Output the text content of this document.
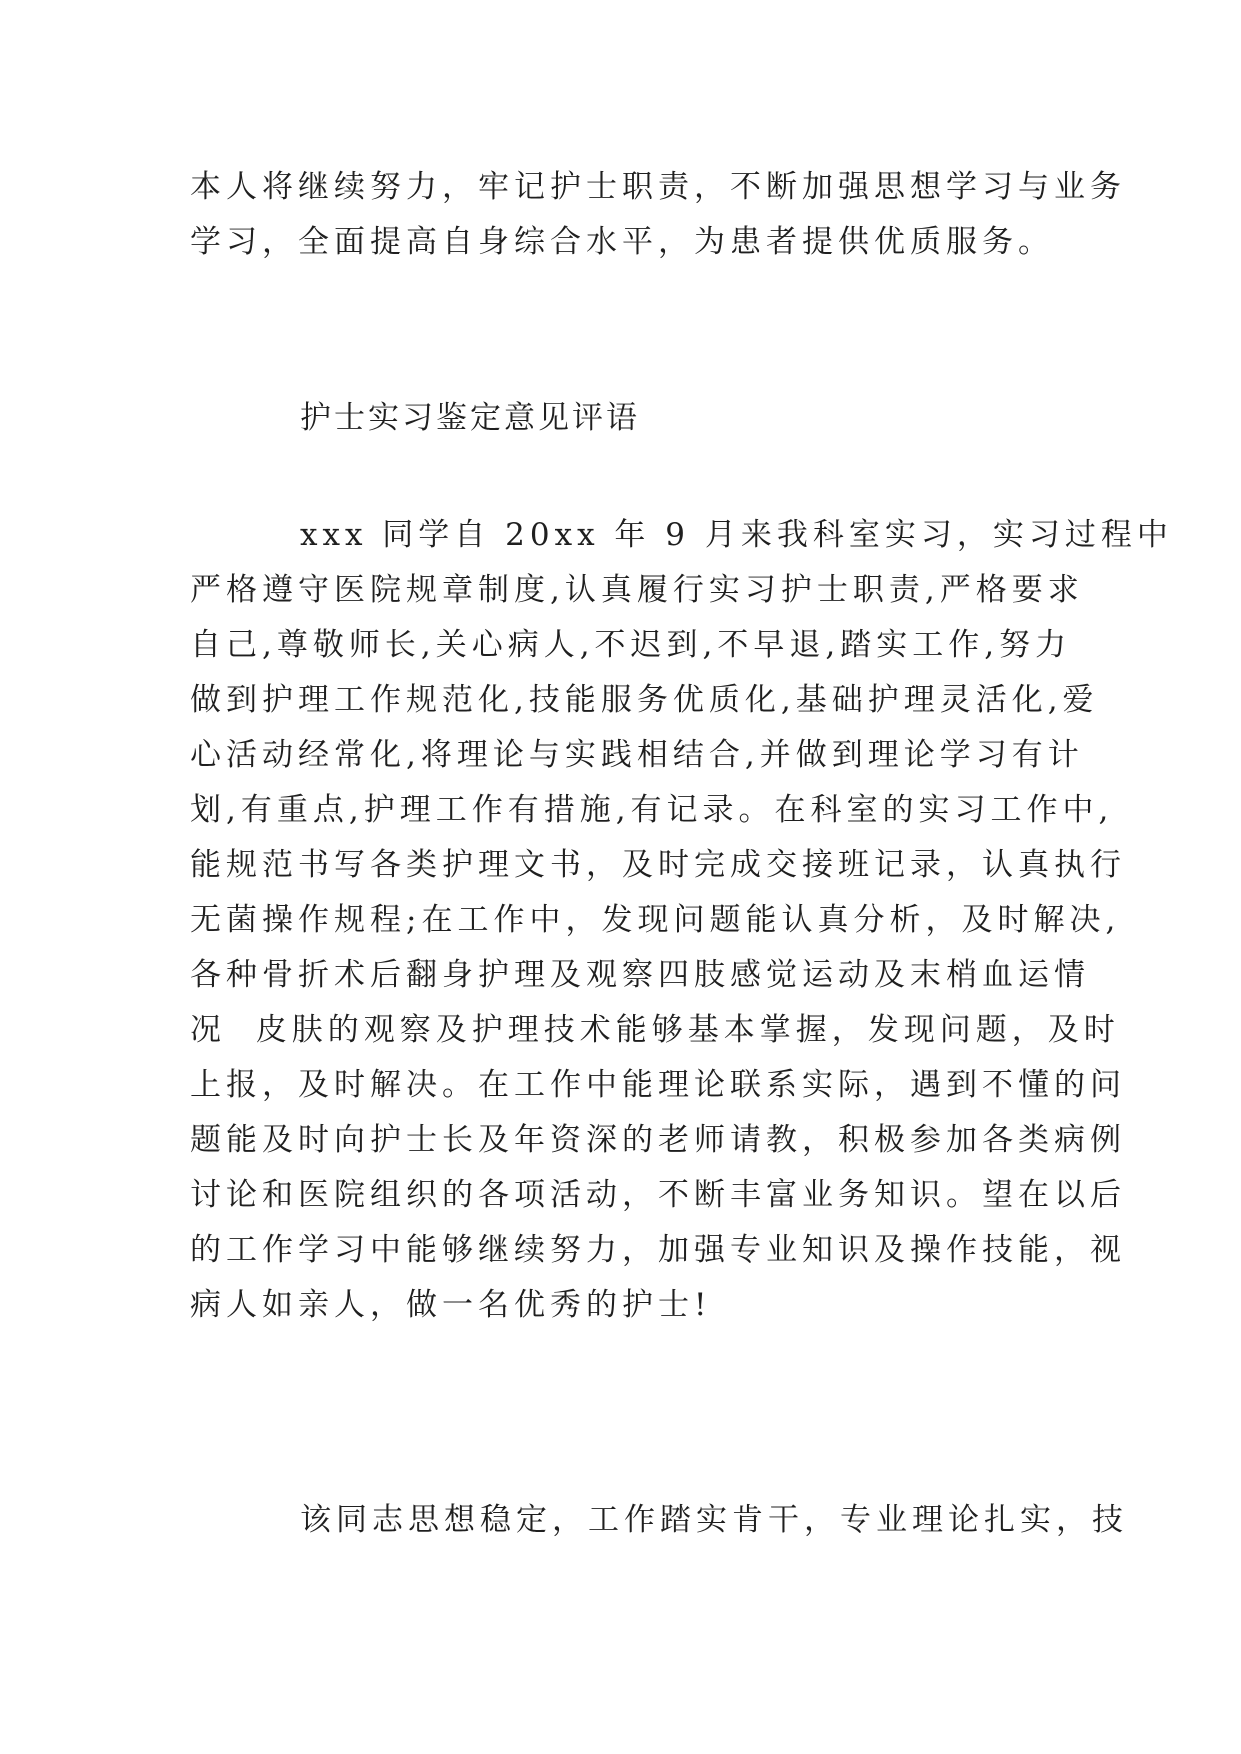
本人将继续努力，牢记护士职责，不断加强思想学习与业务
学习，全面提高自身综合水平，为患者提供优质服务。
护士实习鉴定意见评语
xxx 同学自 20xx 年 9 月来我科室实习，实习过程中
严格遵守医院规章制度,认真履行实习护士职责,严格要求
自己,尊敬师长,关心病人,不迟到,不早退,踏实工作,努力
做到护理工作规范化,技能服务优质化,基础护理灵活化,爱
心活动经常化,将理论与实践相结合,并做到理论学习有计
划,有重点,护理工作有措施,有记录。在科室的实习工作中,
能规范书写各类护理文书，及时完成交接班记录，认真执行
无菌操作规程;在工作中，发现问题能认真分析，及时解决,
各种骨折术后翻身护理及观察四肢感觉运动及末梢血运情
况  皮肤的观察及护理技术能够基本掌握，发现问题，及时
上报，及时解决。在工作中能理论联系实际，遇到不懂的问
题能及时向护士长及年资深的老师请教，积极参加各类病例
讨论和医院组织的各项活动，不断丰富业务知识。望在以后
的工作学习中能够继续努力，加强专业知识及操作技能，视
病人如亲人，做一名优秀的护士!
该同志思想稳定，工作踏实肯干，专业理论扎实，技
